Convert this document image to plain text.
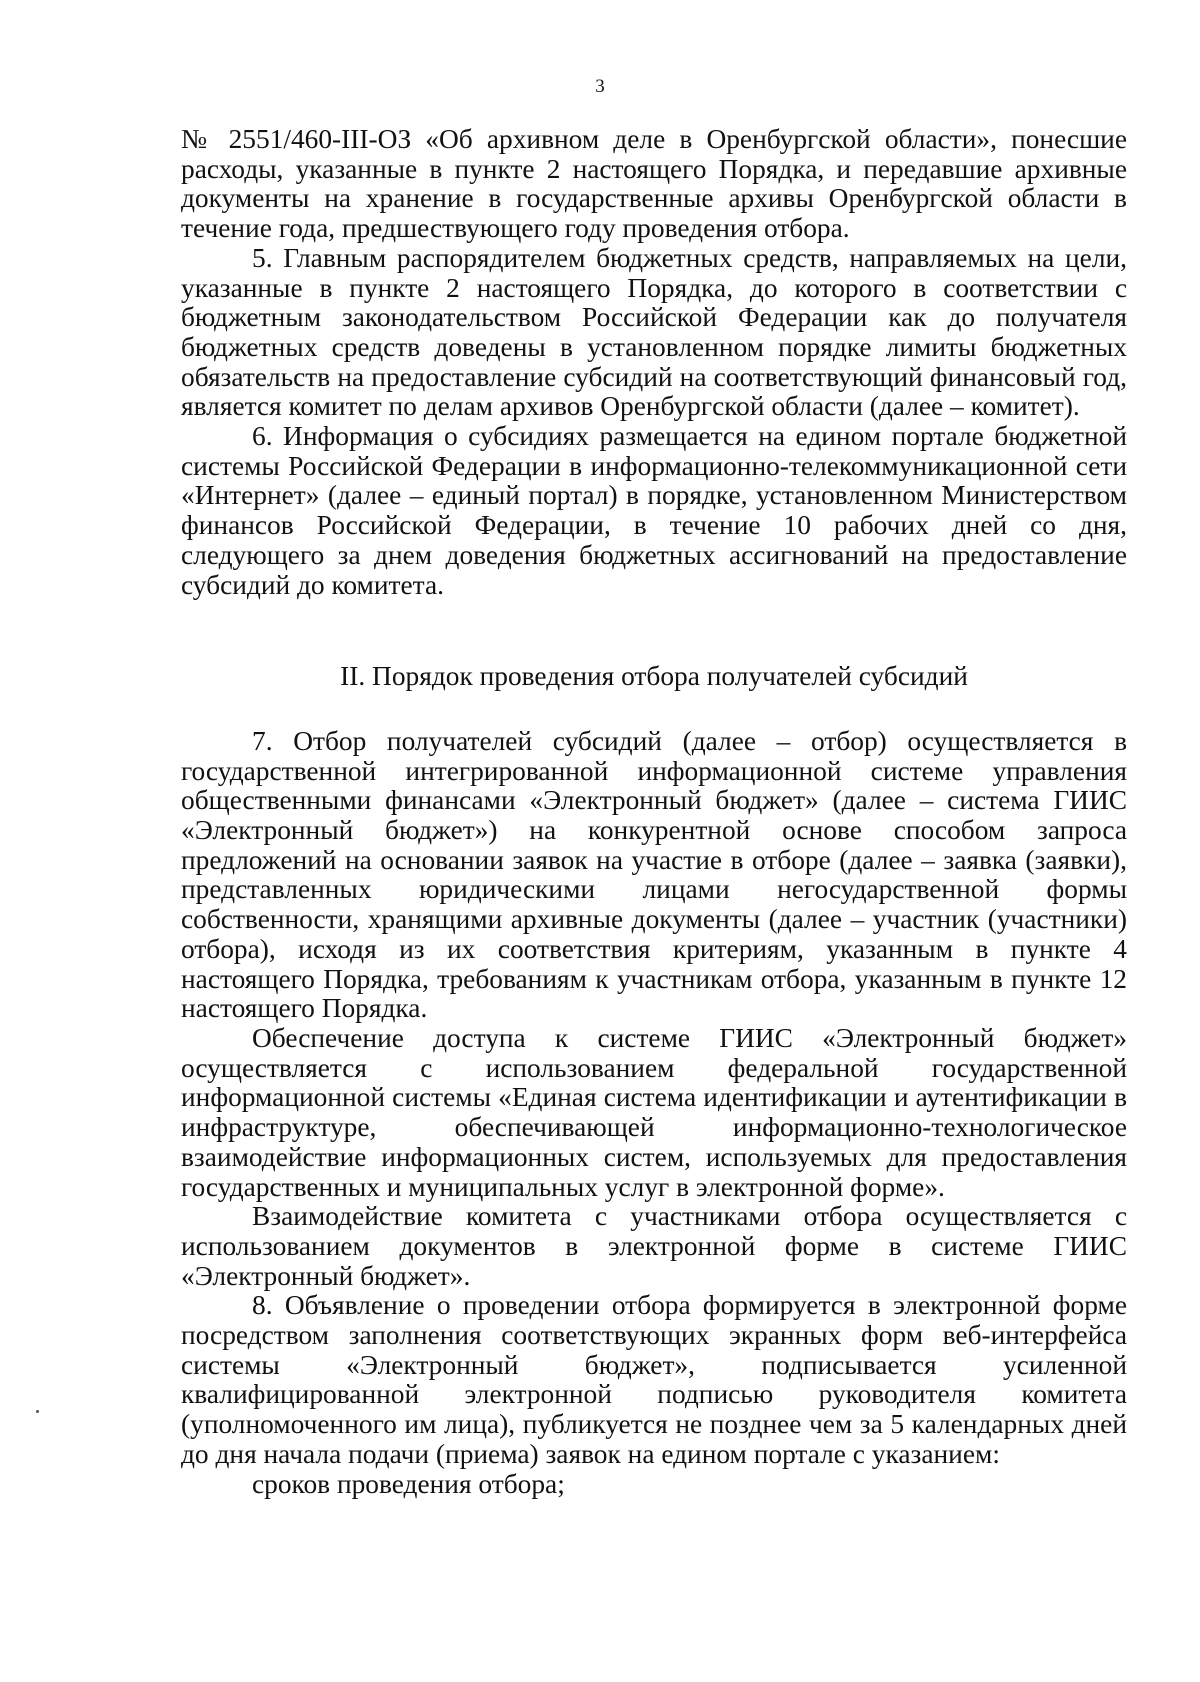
3

№ 2551/460-III-ОЗ «Об архивном деле в Оренбургской области», понесшие расходы, указанные в пункте 2 настоящего Порядка, и передавшие архивные документы на хранение в государственные архивы Оренбургской области в течение года, предшествующего году проведения отбора.

5. Главным распорядителем бюджетных средств, направляемых на цели, указанные в пункте 2 настоящего Порядка, до которого в соответствии с бюджетным законодательством Российской Федерации как до получателя бюджетных средств доведены в установленном порядке лимиты бюджетных обязательств на предоставление субсидий на соответствующий финансовый год, является комитет по делам архивов Оренбургской области (далее – комитет).

6. Информация о субсидиях размещается на едином портале бюджетной системы Российской Федерации в информационно-телекоммуникационной сети «Интернет» (далее – единый портал) в порядке, установленном Министерством финансов Российской Федерации, в течение 10 рабочих дней со дня, следующего за днем доведения бюджетных ассигнований на предоставление субсидий до комитета.

II. Порядок проведения отбора получателей субсидий

7. Отбор получателей субсидий (далее – отбор) осуществляется в государственной интегрированной информационной системе управления общественными финансами «Электронный бюджет» (далее – система ГИИС «Электронный бюджет») на конкурентной основе способом запроса предложений на основании заявок на участие в отборе (далее – заявка (заявки), представленных юридическими лицами негосударственной формы собственности, хранящими архивные документы (далее – участник (участники) отбора), исходя из их соответствия критериям, указанным в пункте 4 настоящего Порядка, требованиям к участникам отбора, указанным в пункте 12 настоящего Порядка.

Обеспечение доступа к системе ГИИС «Электронный бюджет» осуществляется с использованием федеральной государственной информационной системы «Единая система идентификации и аутентификации в инфраструктуре, обеспечивающей информационно-технологическое взаимодействие информационных систем, используемых для предоставления государственных и муниципальных услуг в электронной форме».

Взаимодействие комитета с участниками отбора осуществляется с использованием документов в электронной форме в системе ГИИС «Электронный бюджет».

8. Объявление о проведении отбора формируется в электронной форме посредством заполнения соответствующих экранных форм веб-интерфейса системы «Электронный бюджет», подписывается усиленной квалифицированной электронной подписью руководителя комитета (уполномоченного им лица), публикуется не позднее чем за 5 календарных дней до дня начала подачи (приема) заявок на едином портале с указанием:

сроков проведения отбора;
